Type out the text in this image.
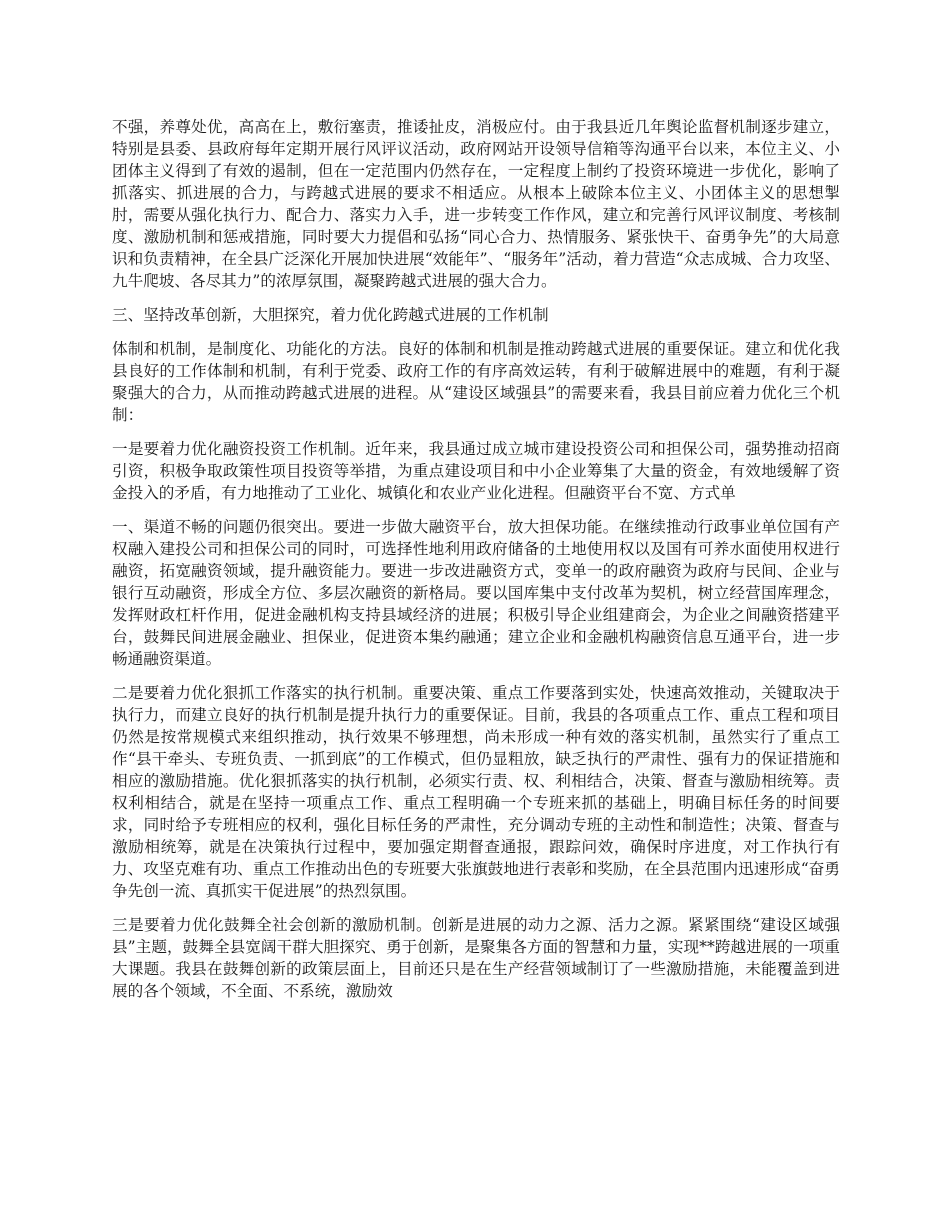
不强，养尊处优，高高在上，敷衍塞责，推诿扯皮，消极应付。由于我县近几年舆论监督机制逐步建立，特别是县委、县政府每年定期开展行风评议活动，政府网站开设领导信箱等沟通平台以来，本位主义、小团体主义得到了有效的遏制，但在一定范围内仍然存在，一定程度上制约了投资环境进一步优化，影响了抓落实、抓进展的合力，与跨越式进展的要求不相适应。从根本上破除本位主义、小团体主义的思想掣肘，需要从强化执行力、配合力、落实力入手，进一步转变工作作风，建立和完善行风评议制度、考核制度、激励机制和惩戒措施，同时要大力提倡和弘扬“同心合力、热情服务、紧张快干、奋勇争先”的大局意识和负责精神，在全县广泛深化开展加快进展“效能年”、“服务年”活动，着力营造“众志成城、合力攻坚、九牛爬坡、各尽其力”的浓厚氛围，凝聚跨越式进展的强大合力。

三、坚持改革创新，大胆探究，着力优化跨越式进展的工作机制

体制和机制，是制度化、功能化的方法。良好的体制和机制是推动跨越式进展的重要保证。建立和优化我县良好的工作体制和机制，有利于党委、政府工作的有序高效运转，有利于破解进展中的难题，有利于凝聚强大的合力，从而推动跨越式进展的进程。从“建设区域强县”的需要来看，我县目前应着力优化三个机制：

一是要着力优化融资投资工作机制。近年来，我县通过成立城市建设投资公司和担保公司，强势推动招商引资，积极争取政策性项目投资等举措，为重点建设项目和中小企业筹集了大量的资金，有效地缓解了资金投入的矛盾，有力地推动了工业化、城镇化和农业产业化进程。但融资平台不宽、方式单

一、渠道不畅的问题仍很突出。要进一步做大融资平台，放大担保功能。在继续推动行政事业单位国有产权融入建投公司和担保公司的同时，可选择性地利用政府储备的土地使用权以及国有可养水面使用权进行融资，拓宽融资领域，提升融资能力。要进一步改进融资方式，变单一的政府融资为政府与民间、企业与银行互动融资，形成全方位、多层次融资的新格局。要以国库集中支付改革为契机，树立经营国库理念，发挥财政杠杆作用，促进金融机构支持县域经济的进展；积极引导企业组建商会，为企业之间融资搭建平台，鼓舞民间进展金融业、担保业，促进资本集约融通；建立企业和金融机构融资信息互通平台，进一步畅通融资渠道。

二是要着力优化狠抓工作落实的执行机制。重要决策、重点工作要落到实处，快速高效推动，关键取决于执行力，而建立良好的执行机制是提升执行力的重要保证。目前，我县的各项重点工作、重点工程和项目仍然是按常规模式来组织推动，执行效果不够理想，尚未形成一种有效的落实机制，虽然实行了重点工作“县干牵头、专班负责、一抓到底”的工作模式，但仍显粗放，缺乏执行的严肃性、强有力的保证措施和相应的激励措施。优化狠抓落实的执行机制，必须实行责、权、利相结合，决策、督查与激励相统筹。责权利相结合，就是在坚持一项重点工作、重点工程明确一个专班来抓的基础上，明确目标任务的时间要求，同时给予专班相应的权利，强化目标任务的严肃性，充分调动专班的主动性和制造性；决策、督查与激励相统筹，就是在决策执行过程中，要加强定期督查通报，跟踪问效，确保时序进度，对工作执行有力、攻坚克难有功、重点工作推动出色的专班要大张旗鼓地进行表彰和奖励，在全县范围内迅速形成“奋勇争先创一流、真抓实干促进展”的热烈氛围。

三是要着力优化鼓舞全社会创新的激励机制。创新是进展的动力之源、活力之源。紧紧围绕“建设区域强县”主题，鼓舞全县宽阔干群大胆探究、勇于创新，是聚集各方面的智慧和力量，实现**跨越进展的一项重大课题。我县在鼓舞创新的政策层面上，目前还只是在生产经营领域制订了一些激励措施，未能覆盖到进展的各个领域，不全面、不系统，激励效
